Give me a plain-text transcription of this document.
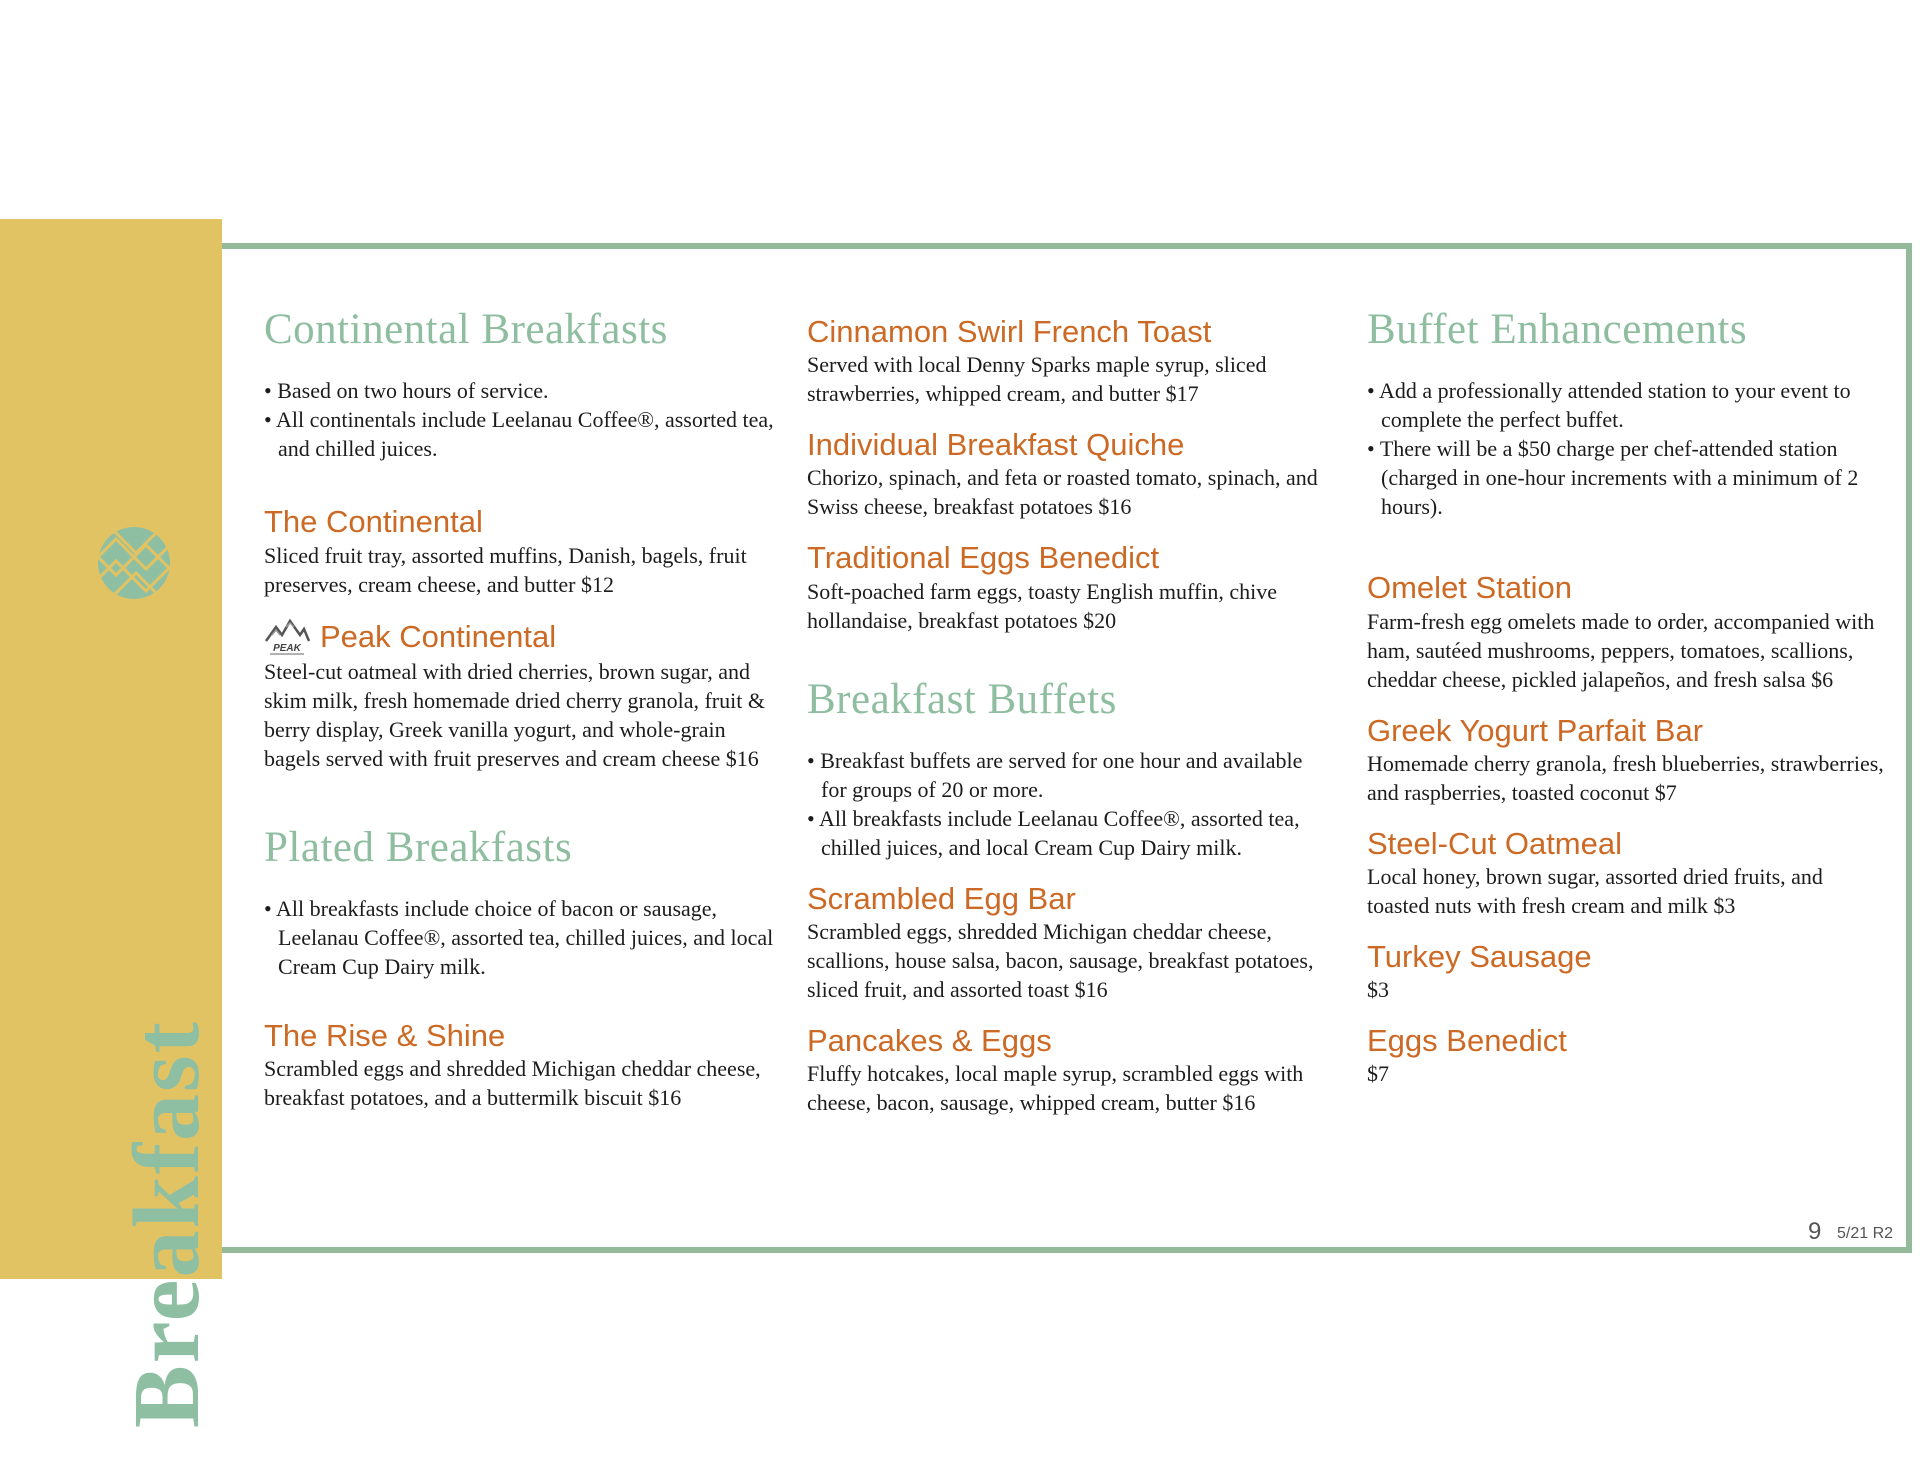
Breakfast
Continental Breakfasts
• Based on two hours of service.
• All continentals include Leelanau Coffee®, assorted tea, and chilled juices.
The Continental

Sliced fruit tray, assorted muffins, Danish, bagels, fruit preserves, cream cheese, and butter $12

PEAK Peak Continental

Steel-cut oatmeal with dried cherries, brown sugar, and skim milk, fresh homemade dried cherry granola, fruit & berry display, Greek vanilla yogurt, and whole-grain bagels served with fruit preserves and cream cheese $16

Plated Breakfasts
• All breakfasts include choice of bacon or sausage, Leelanau Coffee®, assorted tea, chilled juices, and local Cream Cup Dairy milk.
The Rise & Shine

Scrambled eggs and shredded Michigan cheddar cheese, breakfast potatoes, and a buttermilk biscuit $16

Cinnamon Swirl French Toast

Served with local Denny Sparks maple syrup, sliced strawberries, whipped cream, and butter $17

Individual Breakfast Quiche

Chorizo, spinach, and feta or roasted tomato, spinach, and Swiss cheese, breakfast potatoes $16

Traditional Eggs Benedict

Soft-poached farm eggs, toasty English muffin, chive hollandaise, breakfast potatoes $20

Breakfast Buffets
• Breakfast buffets are served for one hour and available for groups of 20 or more.
• All breakfasts include Leelanau Coffee®, assorted tea, chilled juices, and local Cream Cup Dairy milk.
Scrambled Egg Bar

Scrambled eggs, shredded Michigan cheddar cheese, scallions, house salsa, bacon, sausage, breakfast potatoes, sliced fruit, and assorted toast $16

Pancakes & Eggs

Fluffy hotcakes, local maple syrup, scrambled eggs with cheese, bacon, sausage, whipped cream, butter $16

Buffet Enhancements
• Add a professionally attended station to your event to complete the perfect buffet.
• There will be a $50 charge per chef-attended station (charged in one-hour increments with a minimum of 2 hours).
Omelet Station

Farm-fresh egg omelets made to order, accompanied with ham, sautéed mushrooms, peppers, tomatoes, scallions, cheddar cheese, pickled jalapeños, and fresh salsa $6

Greek Yogurt Parfait Bar

Homemade cherry granola, fresh blueberries, strawberries, and raspberries, toasted coconut $7

Steel-Cut Oatmeal

Local honey, brown sugar, assorted dried fruits, and toasted nuts with fresh cream and milk $3

Turkey Sausage

$3

Eggs Benedict

$7

9 5/21 R2
